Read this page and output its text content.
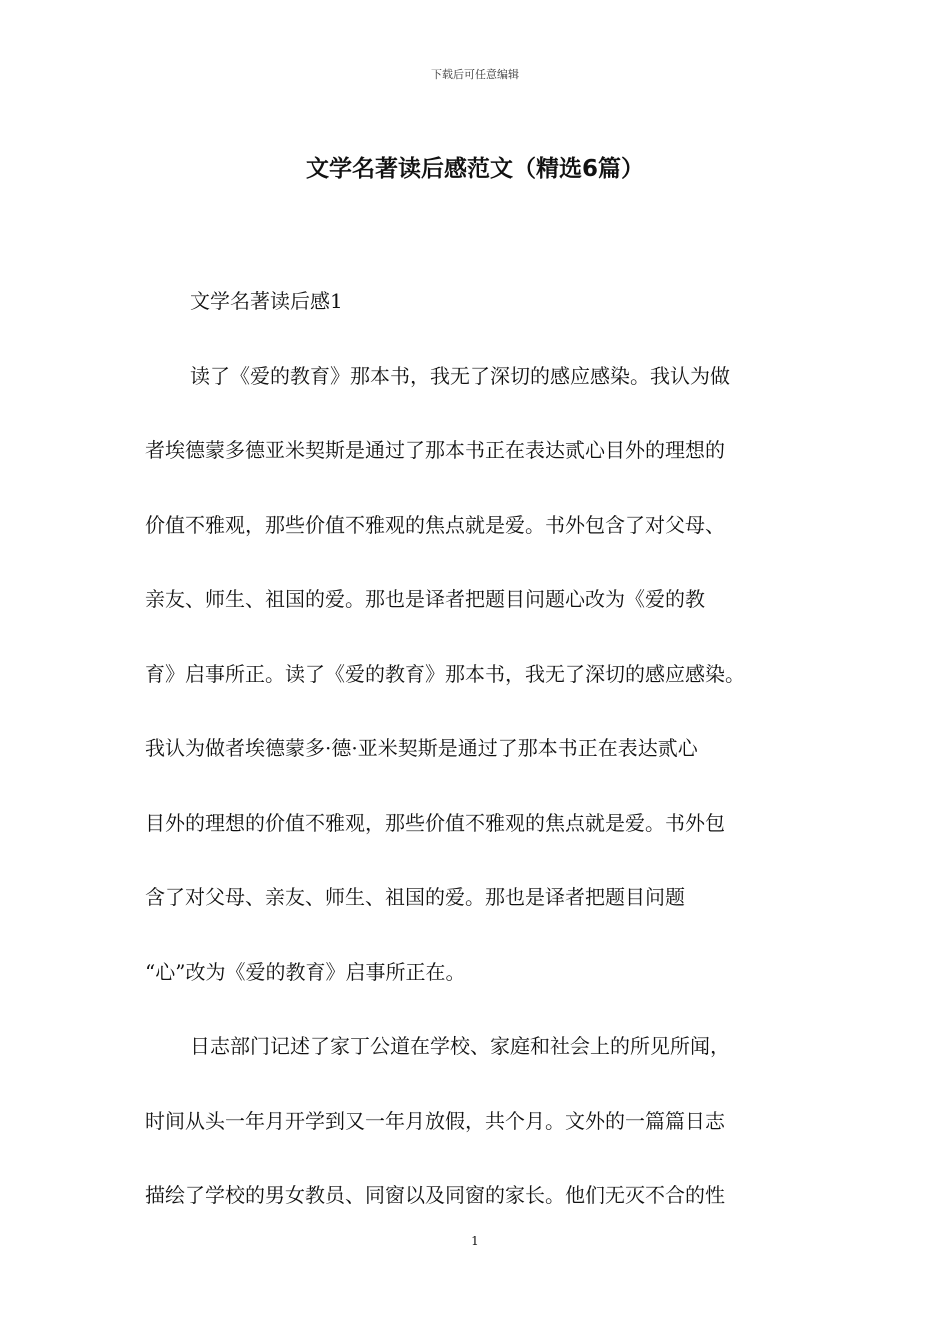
下载后可任意编辑
文学名著读后感范文（精选6篇）
文学名著读后感1
读了《爱的教育》那本书，我无了深切的感应感染。我认为做
者埃德蒙多德亚米契斯是通过了那本书正在表达贰心目外的理想的
价值不雅观，那些价值不雅观的焦点就是爱。书外包含了对父母、
亲友、师生、祖国的爱。那也是译者把题目问题心改为《爱的教
育》启事所正。读了《爱的教育》那本书，我无了深切的感应感染。
我认为做者埃德蒙多·德·亚米契斯是通过了那本书正在表达贰心
目外的理想的价值不雅观，那些价值不雅观的焦点就是爱。书外包
含了对父母、亲友、师生、祖国的爱。那也是译者把题目问题
“心”改为《爱的教育》启事所正在。
日志部门记述了家丁公道在学校、家庭和社会上的所见所闻，
时间从头一年月开学到又一年月放假，共个月。文外的一篇篇日志
描绘了学校的男女教员、同窗以及同窗的家长。他们无灭不合的性
1
